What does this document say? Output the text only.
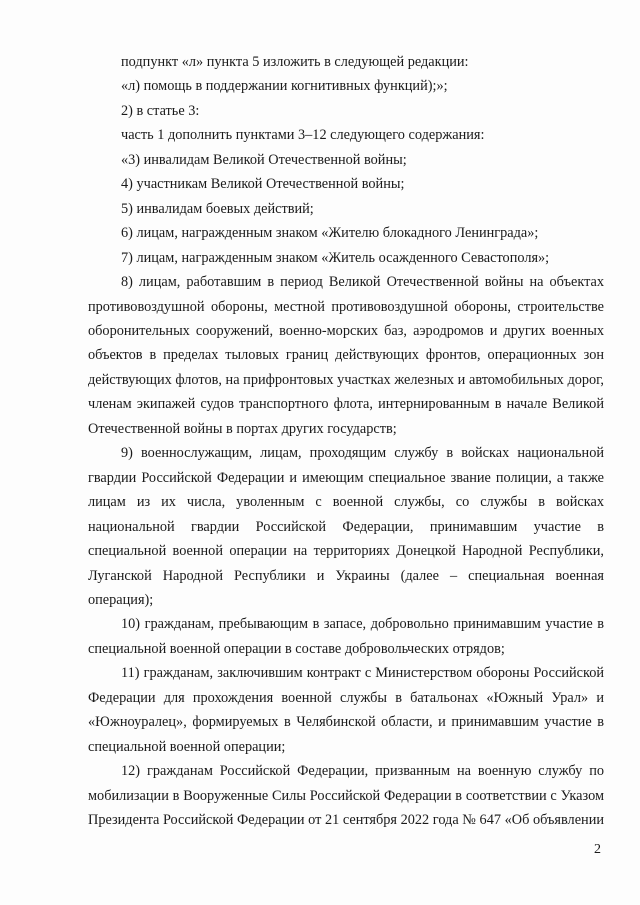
подпункт «л» пункта 5 изложить в следующей редакции:

«л) помощь в поддержании когнитивных функций);»;

2) в статье 3:

часть 1 дополнить пунктами 3–12 следующего содержания:

«3) инвалидам Великой Отечественной войны;

4) участникам Великой Отечественной войны;

5) инвалидам боевых действий;

6) лицам, награжденным знаком «Жителю блокадного Ленинграда»;

7) лицам, награжденным знаком «Житель осажденного Севастополя»;

8) лицам, работавшим в период Великой Отечественной войны на объектах противовоздушной обороны, местной противовоздушной обороны, строительстве оборонительных сооружений, военно-морских баз, аэродромов и других военных объектов в пределах тыловых границ действующих фронтов, операционных зон действующих флотов, на прифронтовых участках железных и автомобильных дорог, членам экипажей судов транспортного флота, интернированным в начале Великой Отечественной войны в портах других государств;

9) военнослужащим, лицам, проходящим службу в войсках национальной гвардии Российской Федерации и имеющим специальное звание полиции, а также лицам из их числа, уволенным с военной службы, со службы в войсках национальной гвардии Российской Федерации, принимавшим участие в специальной военной операции на территориях Донецкой Народной Республики, Луганской Народной Республики и Украины (далее – специальная военная операция);

10) гражданам, пребывающим в запасе, добровольно принимавшим участие в специальной военной операции в составе добровольческих отрядов;

11) гражданам, заключившим контракт с Министерством обороны Российской Федерации для прохождения военной службы в батальонах «Южный Урал» и «Южноуралец», формируемых в Челябинской области, и принимавшим участие в специальной военной операции;

12) гражданам Российской Федерации, призванным на военную службу по мобилизации в Вооруженные Силы Российской Федерации в соответствии с Указом Президента Российской Федерации от 21 сентября 2022 года № 647 «Об объявлении

2
